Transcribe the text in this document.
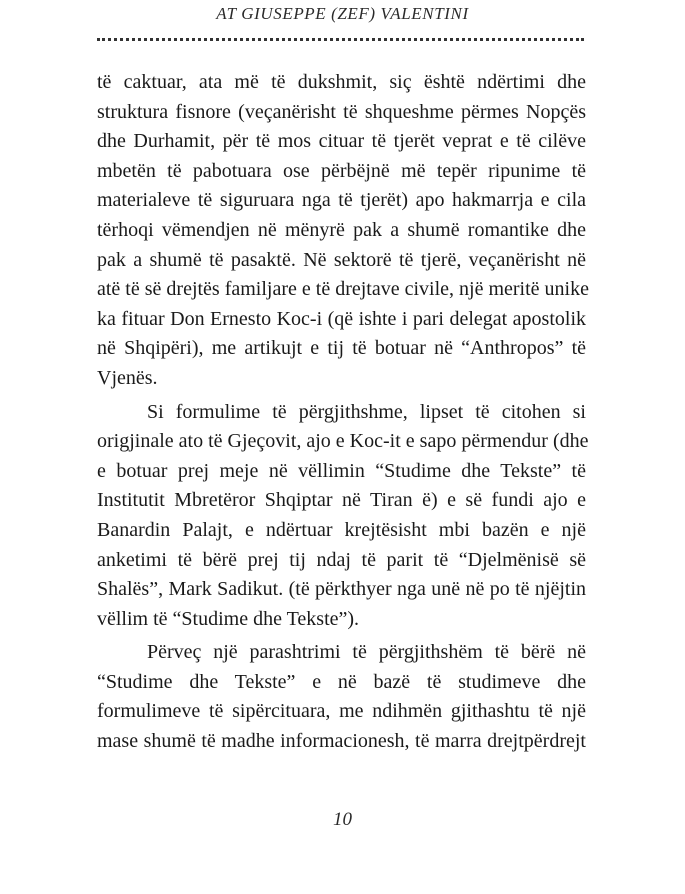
AT GIUSEPPE (ZEF) VALENTINI
të caktuar, ata më të dukshmit, siç është ndërtimi dhe
struktura fisnore (veçanërisht të shqueshme përmes Nopçës
dhe Durhamit, për të mos cituar të tjerët veprat e të cilëve
mbetën të pabotuara ose përbëjnë më tepër ripunime të
materialeve të siguruara nga të tjerët) apo hakmarrja e cila
tërhoqi vëmendjen në mënyrë pak a shumë romantike dhe
pak a shumë të pasaktë. Në sektorë të tjerë, veçanërisht në
atë të së drejtës familjare e të drejtave civile, një meritë unike
ka fituar Don Ernesto Koc-i (që ishte i pari delegat apostolik
në Shqipëri), me artikujt e tij të botuar në “Anthropos” të
Vjenës.
Si formulime të përgjithshme, lipset të citohen si
origjinale ato të Gjeçovit, ajo e Koc-it e sapo përmendur (dhe
e botuar prej meje në vëllimin “Studime dhe Tekste” të
Institutit Mbretëror Shqiptar në Tiran ë) e së fundi ajo e
Banardin Palajt, e ndërtuar krejtësisht mbi bazën e një
anketimi të bërë prej tij ndaj të parit të “Djelmënisë së
Shalës”, Mark Sadikut. (të përkthyer nga unë në po të njëjtin
vëllim të “Studime dhe Tekste”).
Përveç një parashtrimi të përgjithshëm të bërë në
“Studime dhe Tekste” e në bazë të studimeve dhe
formulimeve të sipërcituara, me ndihmën gjithashtu të një
mase shumë të madhe informacionesh, të marra drejtpërdrejt
10
